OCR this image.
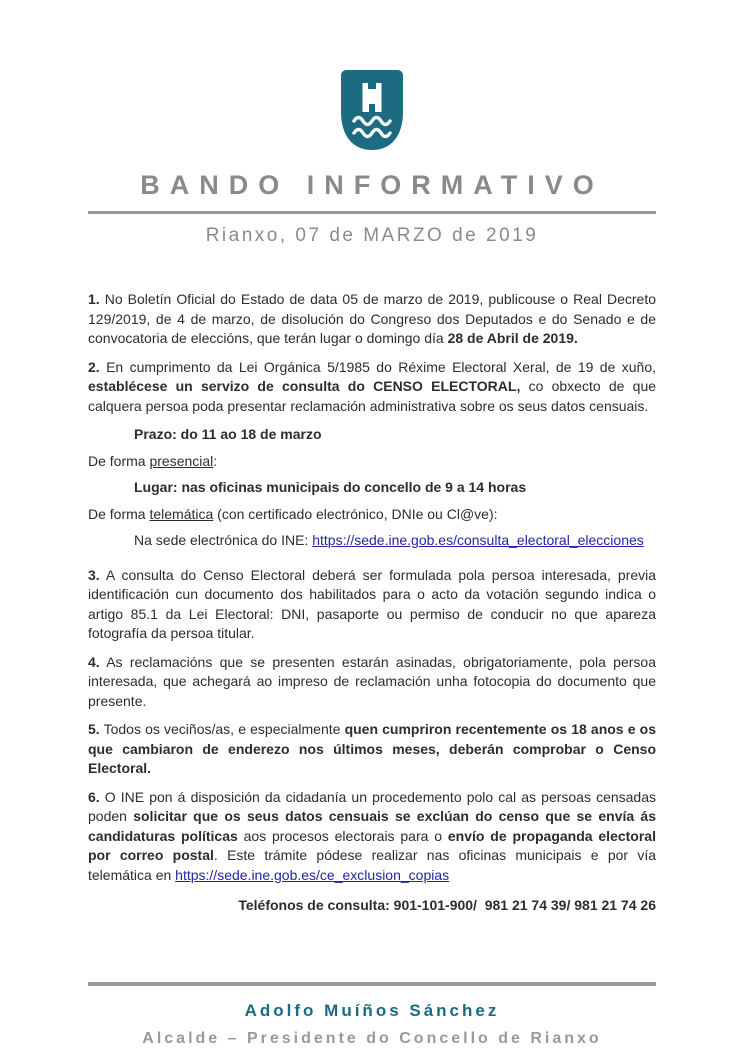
BANDO INFORMATIVO
Rianxo, 07 de MARZO de 2019

1. No Boletín Oficial do Estado de data 05 de marzo de 2019, publicouse o Real Decreto 129/2019, de 4 de marzo, de disolución do Congreso dos Deputados e do Senado e de convocatoria de eleccións, que terán lugar o domingo día 28 de Abril de 2019.

2. En cumprimento da Lei Orgánica 5/1985 do Réxime Electoral Xeral, de 19 de xuño, establécese un servizo de consulta do CENSO ELECTORAL, co obxecto de que calquera persoa poda presentar reclamación administrativa sobre os seus datos censuais.

Prazo: do 11 ao 18 de marzo

De forma presencial:

Lugar: nas oficinas municipais do concello de 9 a 14 horas

De forma telemática (con certificado electrónico, DNIe ou Cl@ve):

Na sede electrónica do INE: https://sede.ine.gob.es/consulta_electoral_elecciones

3. A consulta do Censo Electoral deberá ser formulada pola persoa interesada, previa identificación cun documento dos habilitados para o acto da votación segundo indica o artigo 85.1 da Lei Electoral: DNI, pasaporte ou permiso de conducir no que apareza fotografía da persoa titular.

4. As reclamacións que se presenten estarán asinadas, obrigatoriamente, pola persoa interesada, que achegará ao impreso de reclamación unha fotocopia do documento que presente.

5. Todos os veciños/as, e especialmente quen cumpriron recentemente os 18 anos e os que cambiaron de enderezo nos últimos meses, deberán comprobar o Censo Electoral.

6. O INE pon á disposición da cidadanía un procedemento polo cal as persoas censadas poden solicitar que os seus datos censuais se exclúan do censo que se envía ás candidaturas políticas aos procesos electorais para o envío de propaganda electoral por correo postal. Este trámite pódese realizar nas oficinas municipais e por vía telemática en https://sede.ine.gob.es/ce_exclusion_copias

Teléfonos de consulta: 901-101-900/  981 21 74 39/ 981 21 74 26

Adolfo Muíños Sánchez
Alcalde – Presidente do Concello de Rianxo
